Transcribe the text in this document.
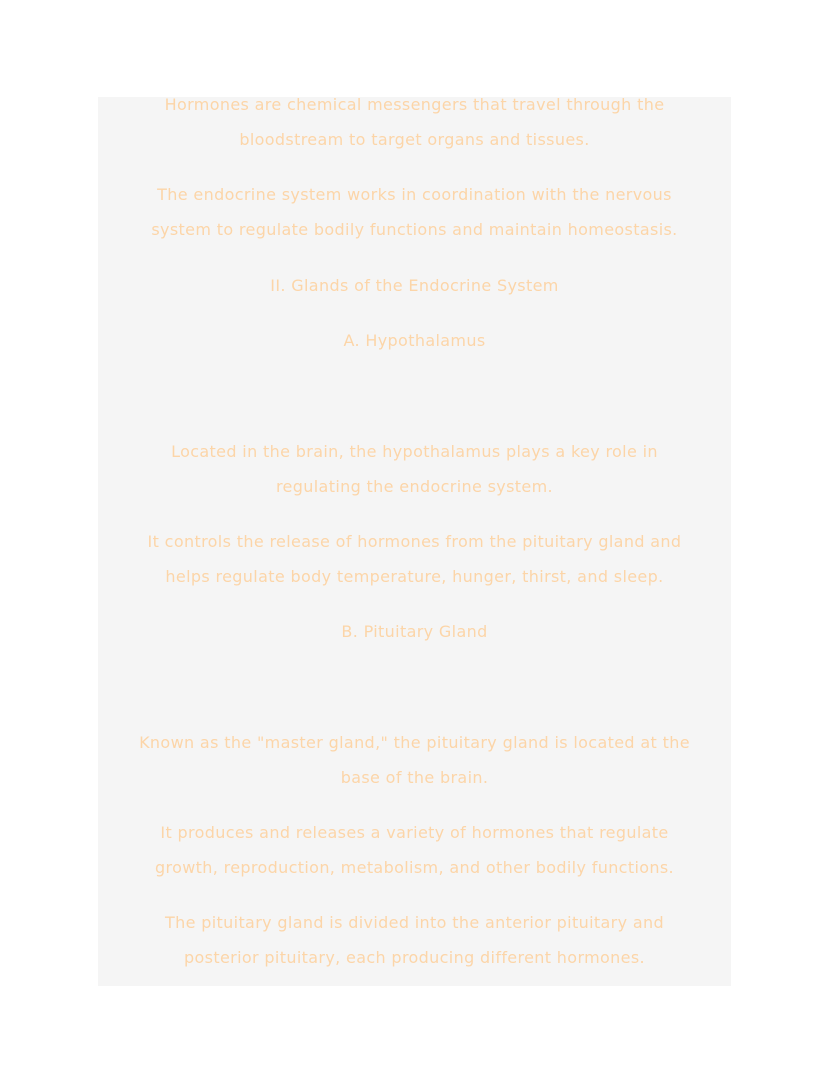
Hormones are chemical messengers that travel through the
bloodstream to target organs and tissues.
The endocrine system works in coordination with the nervous
system to regulate bodily functions and maintain homeostasis.
II. Glands of the Endocrine System
A. Hypothalamus
Located in the brain, the hypothalamus plays a key role in
regulating the endocrine system.
It controls the release of hormones from the pituitary gland and
helps regulate body temperature, hunger, thirst, and sleep.
B. Pituitary Gland
Known as the "master gland," the pituitary gland is located at the
base of the brain.
It produces and releases a variety of hormones that regulate
growth, reproduction, metabolism, and other bodily functions.
The pituitary gland is divided into the anterior pituitary and
posterior pituitary, each producing different hormones.
